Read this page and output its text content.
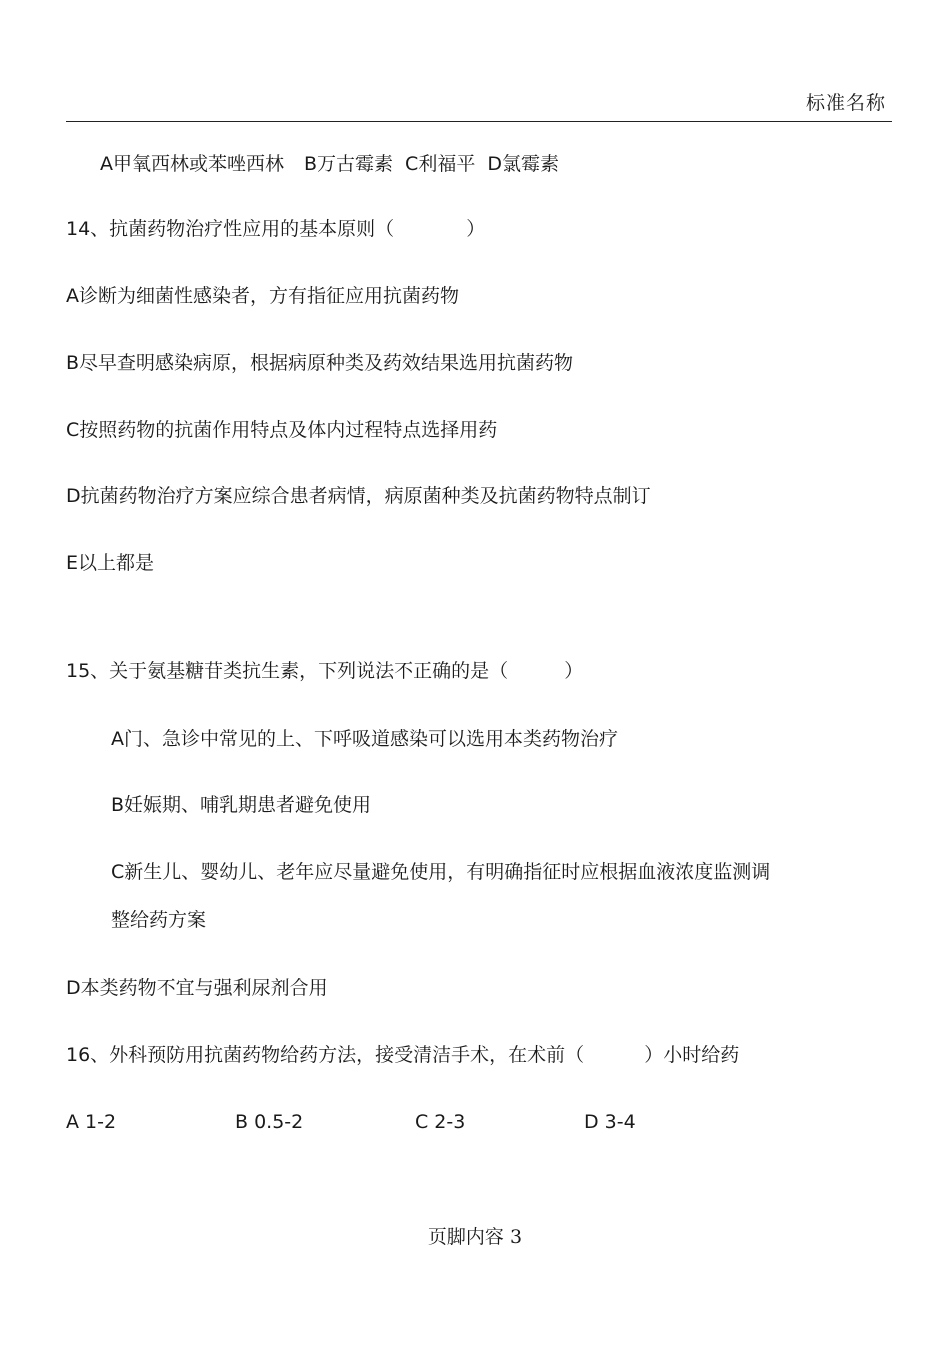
标准名称
A甲氧西林或苯唑西林 B万古霉素 C利福平 D氯霉素
14、抗菌药物治疗性应用的基本原则（	）
A诊断为细菌性感染者，方有指征应用抗菌药物
B尽早查明感染病原，根据病原种类及药效结果选用抗菌药物
C按照药物的抗菌作用特点及体内过程特点选择用药
D抗菌药物治疗方案应综合患者病情，病原菌种类及抗菌药物特点制订
E以上都是
15、关于氨基糖苷类抗生素，下列说法不正确的是（	）
A门、急诊中常见的上、下呼吸道感染可以选用本类药物治疗
B妊娠期、哺乳期患者避免使用
C新生儿、婴幼儿、老年应尽量避免使用，有明确指征时应根据血液浓度监测调
整给药方案
D本类药物不宜与强利尿剂合用
16、外科预防用抗菌药物给药方法，接受清洁手术，在术前（	）小时给药
A 1-2	B 0.5-2	C 2-3	D 3-4
页脚内容 3
